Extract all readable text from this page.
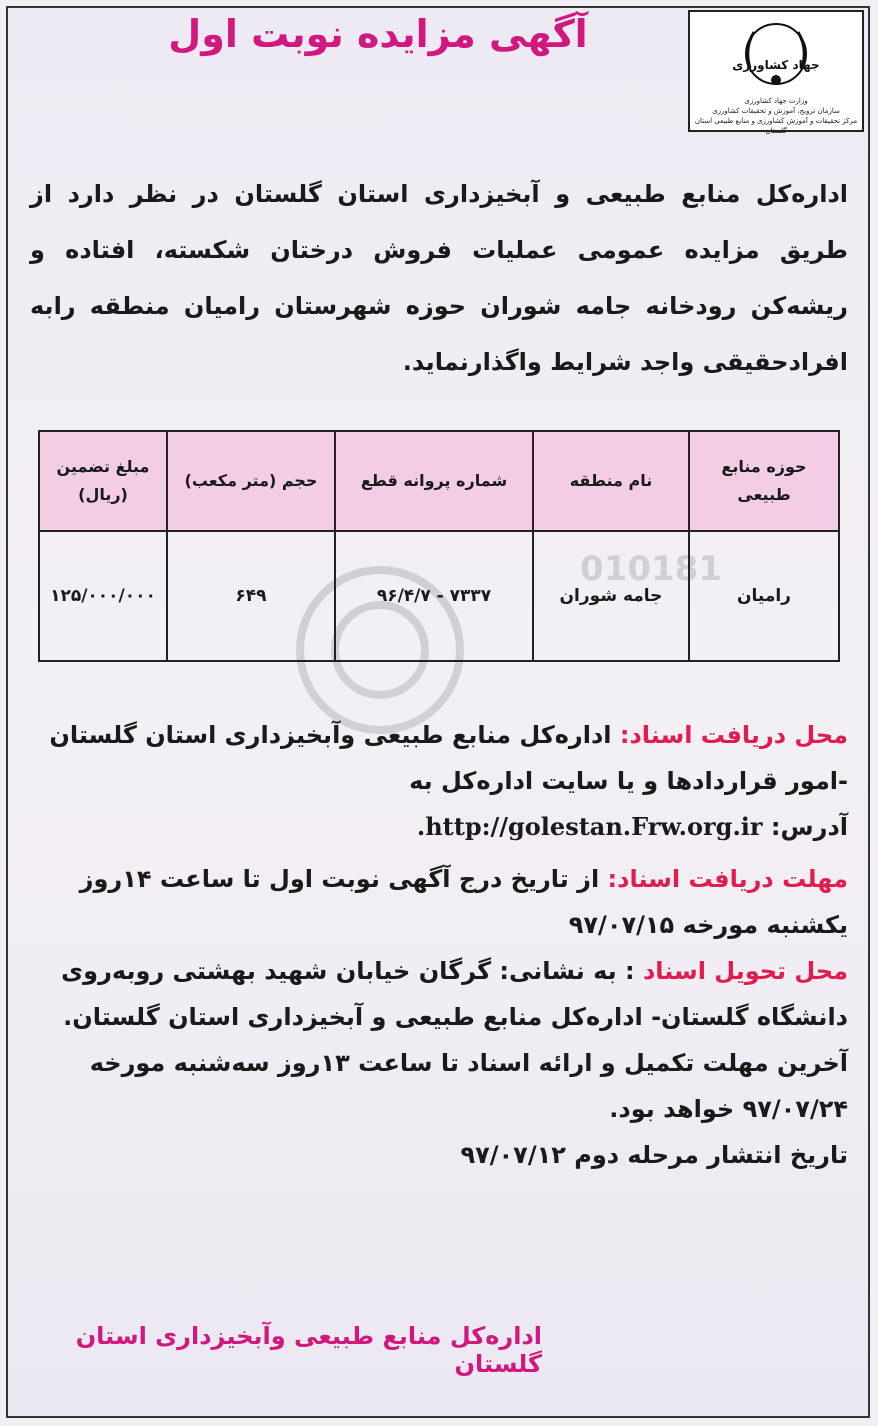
جهاد کشاورزی
وزارت جهاد کشاورزی
سازمان ترویج، آموزش و تحقیقات کشاورزی
مرکز تحقیقات و آموزش کشاورزی و منابع طبیعی استان گلستان
آگهی مزایده نوبت اول
اداره‌کل منابع طبیعی و آبخیزداری استان گلستان در نظر دارد از طریق مزایده عمومی عملیات فروش درختان شکسته، افتاده و ریشه‌کن رودخانه جامه شوران حوزه شهرستان رامیان منطقه رابه افرادحقیقی واجد شرایط واگذارنماید.
حوزه منابع طبیعی	نام منطقه	شماره پروانه قطع	حجم (متر مکعب)	مبلغ تضمین (ریال)
رامیان	جامه شوران	۷۳۳۷ - ۹۶/۴/۷	۶۴۹	۱۲۵/۰۰۰/۰۰۰

محل دریافت اسناد: اداره‌کل منابع طبیعی وآبخیزداری استان گلستان -امور قراردادها و یا سایت اداره‌کل به

آدرس: http://golestan.Frw.org.ir.

مهلت دریافت اسناد: از تاریخ درج آگهی نوبت اول تا ساعت ۱۴روز یکشنبه مورخه ۹۷/۰۷/۱۵

محل تحویل اسناد : به نشانی: گرگان خیابان شهید بهشتی روبه‌روی دانشگاه گلستان- اداره‌کل منابع طبیعی و آبخیزداری استان گلستان.

آخرین مهلت تکمیل و ارائه اسناد تا ساعت ۱۳روز سه‌شنبه مورخه ۹۷/۰۷/۲۴ خواهد بود.

تاریخ انتشار مرحله دوم ۹۷/۰۷/۱۲

اداره‌کل منابع طبیعی وآبخیزداری استان گلستان
